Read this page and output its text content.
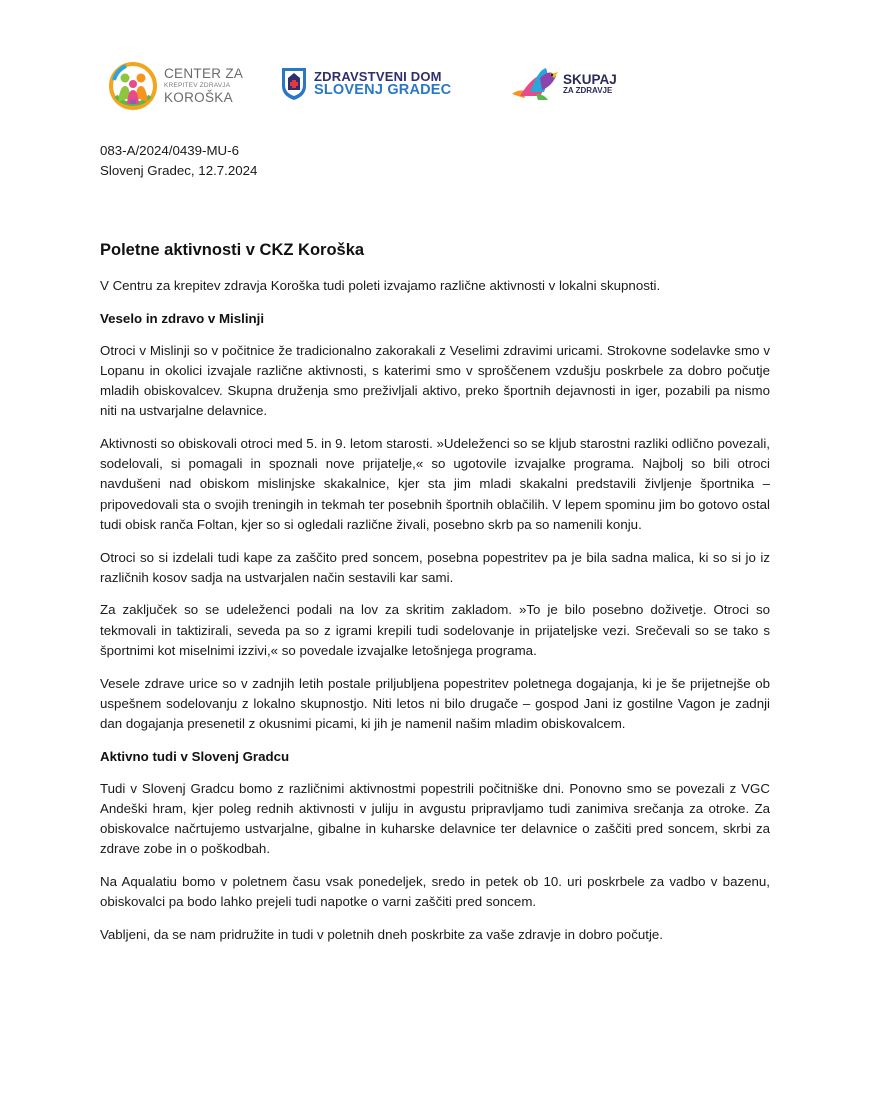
CENTER ZA
KREPITEV ZDRAVJA
KOROŠKA
ZDRAVSTVENI DOM
SLOVENJ GRADEC
SKUPAJ
ZA ZDRAVJE
083-A/2024/0439-MU-6
Slovenj Gradec, 12.7.2024
Poletne aktivnosti v CKZ Koroška

V Centru za krepitev zdravja Koroška tudi poleti izvajamo različne aktivnosti v lokalni skupnosti.

Veselo in zdravo v Mislinji

Otroci v Mislinji so v počitnice že tradicionalno zakorakali z Veselimi zdravimi uricami. Strokovne sodelavke smo v Lopanu in okolici izvajale različne aktivnosti, s katerimi smo v sproščenem vzdušju poskrbele za dobro počutje mladih obiskovalcev. Skupna druženja smo preživljali aktivo, preko športnih dejavnosti in iger, pozabili pa nismo niti na ustvarjalne delavnice.

Aktivnosti so obiskovali otroci med 5. in 9. letom starosti. »Udeleženci so se kljub starostni razliki odlično povezali, sodelovali, si pomagali in spoznali nove prijatelje,« so ugotovile izvajalke programa. Najbolj so bili otroci navdušeni nad obiskom mislinjske skakalnice, kjer sta jim mladi skakalni predstavili življenje športnika – pripovedovali sta o svojih treningih in tekmah ter posebnih športnih oblačilih. V lepem spominu jim bo gotovo ostal tudi obisk ranča Foltan, kjer so si ogledali različne živali, posebno skrb pa so namenili konju.

Otroci so si izdelali tudi kape za zaščito pred soncem, posebna popestritev pa je bila sadna malica, ki so si jo iz različnih kosov sadja na ustvarjalen način sestavili kar sami.

Za zaključek so se udeleženci podali na lov za skritim zakladom. »To je bilo posebno doživetje. Otroci so tekmovali in taktizirali, seveda pa so z igrami krepili tudi sodelovanje in prijateljske vezi. Srečevali so se tako s športnimi kot miselnimi izzivi,« so povedale izvajalke letošnjega programa.

Vesele zdrave urice so v zadnjih letih postale priljubljena popestritev poletnega dogajanja, ki je še prijetnejše ob uspešnem sodelovanju z lokalno skupnostjo. Niti letos ni bilo drugače – gospod Jani iz gostilne Vagon je zadnji dan dogajanja presenetil z okusnimi picami, ki jih je namenil našim mladim obiskovalcem.

Aktivno tudi v Slovenj Gradcu

Tudi v Slovenj Gradcu bomo z različnimi aktivnostmi popestrili počitniške dni. Ponovno smo se povezali z VGC Andeški hram, kjer poleg rednih aktivnosti v juliju in avgustu pripravljamo tudi zanimiva srečanja za otroke. Za obiskovalce načrtujemo ustvarjalne, gibalne in kuharske delavnice ter delavnice o zaščiti pred soncem, skrbi za zdrave zobe in o poškodbah.

Na Aqualatiu bomo v poletnem času vsak ponedeljek, sredo in petek ob 10. uri poskrbele za vadbo v bazenu, obiskovalci pa bodo lahko prejeli tudi napotke o varni zaščiti pred soncem.

Vabljeni, da se nam pridružite in tudi v poletnih dneh poskrbite za vaše zdravje in dobro počutje.
